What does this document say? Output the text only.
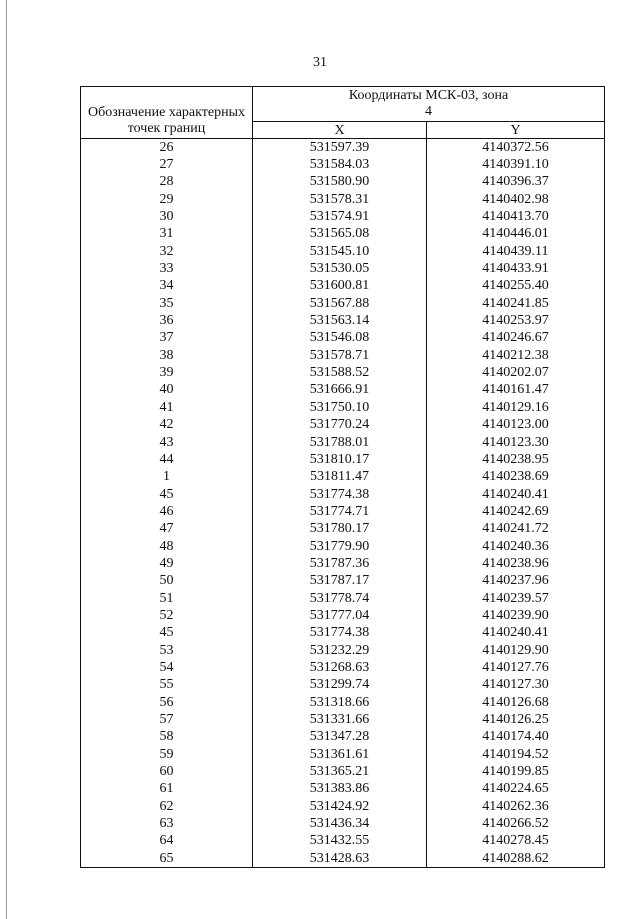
31
Обозначение характерных точек границ	Координаты МСК-03, зона 4	
	X	Y
26	531597.39	4140372.56
27	531584.03	4140391.10
28	531580.90	4140396.37
29	531578.31	4140402.98
30	531574.91	4140413.70
31	531565.08	4140446.01
32	531545.10	4140439.11
33	531530.05	4140433.91
34	531600.81	4140255.40
35	531567.88	4140241.85
36	531563.14	4140253.97
37	531546.08	4140246.67
38	531578.71	4140212.38
39	531588.52	4140202.07
40	531666.91	4140161.47
41	531750.10	4140129.16
42	531770.24	4140123.00
43	531788.01	4140123.30
44	531810.17	4140238.95
1	531811.47	4140238.69
45	531774.38	4140240.41
46	531774.71	4140242.69
47	531780.17	4140241.72
48	531779.90	4140240.36
49	531787.36	4140238.96
50	531787.17	4140237.96
51	531778.74	4140239.57
52	531777.04	4140239.90
45	531774.38	4140240.41
53	531232.29	4140129.90
54	531268.63	4140127.76
55	531299.74	4140127.30
56	531318.66	4140126.68
57	531331.66	4140126.25
58	531347.28	4140174.40
59	531361.61	4140194.52
60	531365.21	4140199.85
61	531383.86	4140224.65
62	531424.92	4140262.36
63	531436.34	4140266.52
64	531432.55	4140278.45
65	531428.63	4140288.62
